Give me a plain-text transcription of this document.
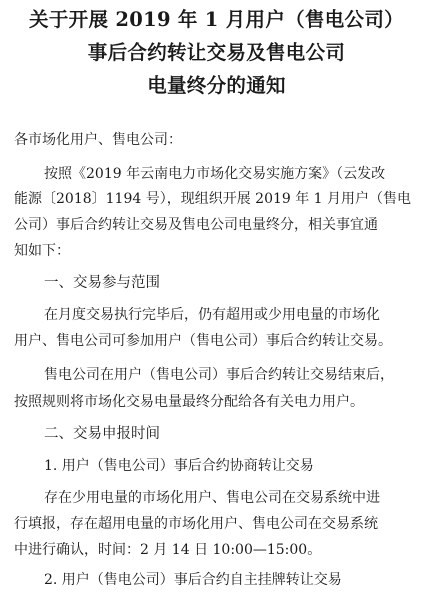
关于开展 2019 年 1 月用户（售电公司）
事后合约转让交易及售电公司
电量终分的通知
各市场化用户、售电公司：
按照《2019 年云南电力市场化交易实施方案》（云发改
能源〔2018〕1194 号），现组织开展 2019 年 1 月用户（售电
公司）事后合约转让交易及售电公司电量终分，相关事宜通
知如下：
一、交易参与范围
在月度交易执行完毕后，仍有超用或少用电量的市场化
用户、售电公司可参加用户（售电公司）事后合约转让交易。
售电公司在用户（售电公司）事后合约转让交易结束后，
按照规则将市场化交易电量最终分配给各有关电力用户。
二、交易申报时间
1. 用户（售电公司）事后合约协商转让交易
存在少用电量的市场化用户、售电公司在交易系统中进
行填报，存在超用电量的市场化用户、售电公司在交易系统
中进行确认，时间：2 月 14 日 10:00—15:00。
2. 用户（售电公司）事后合约自主挂牌转让交易
